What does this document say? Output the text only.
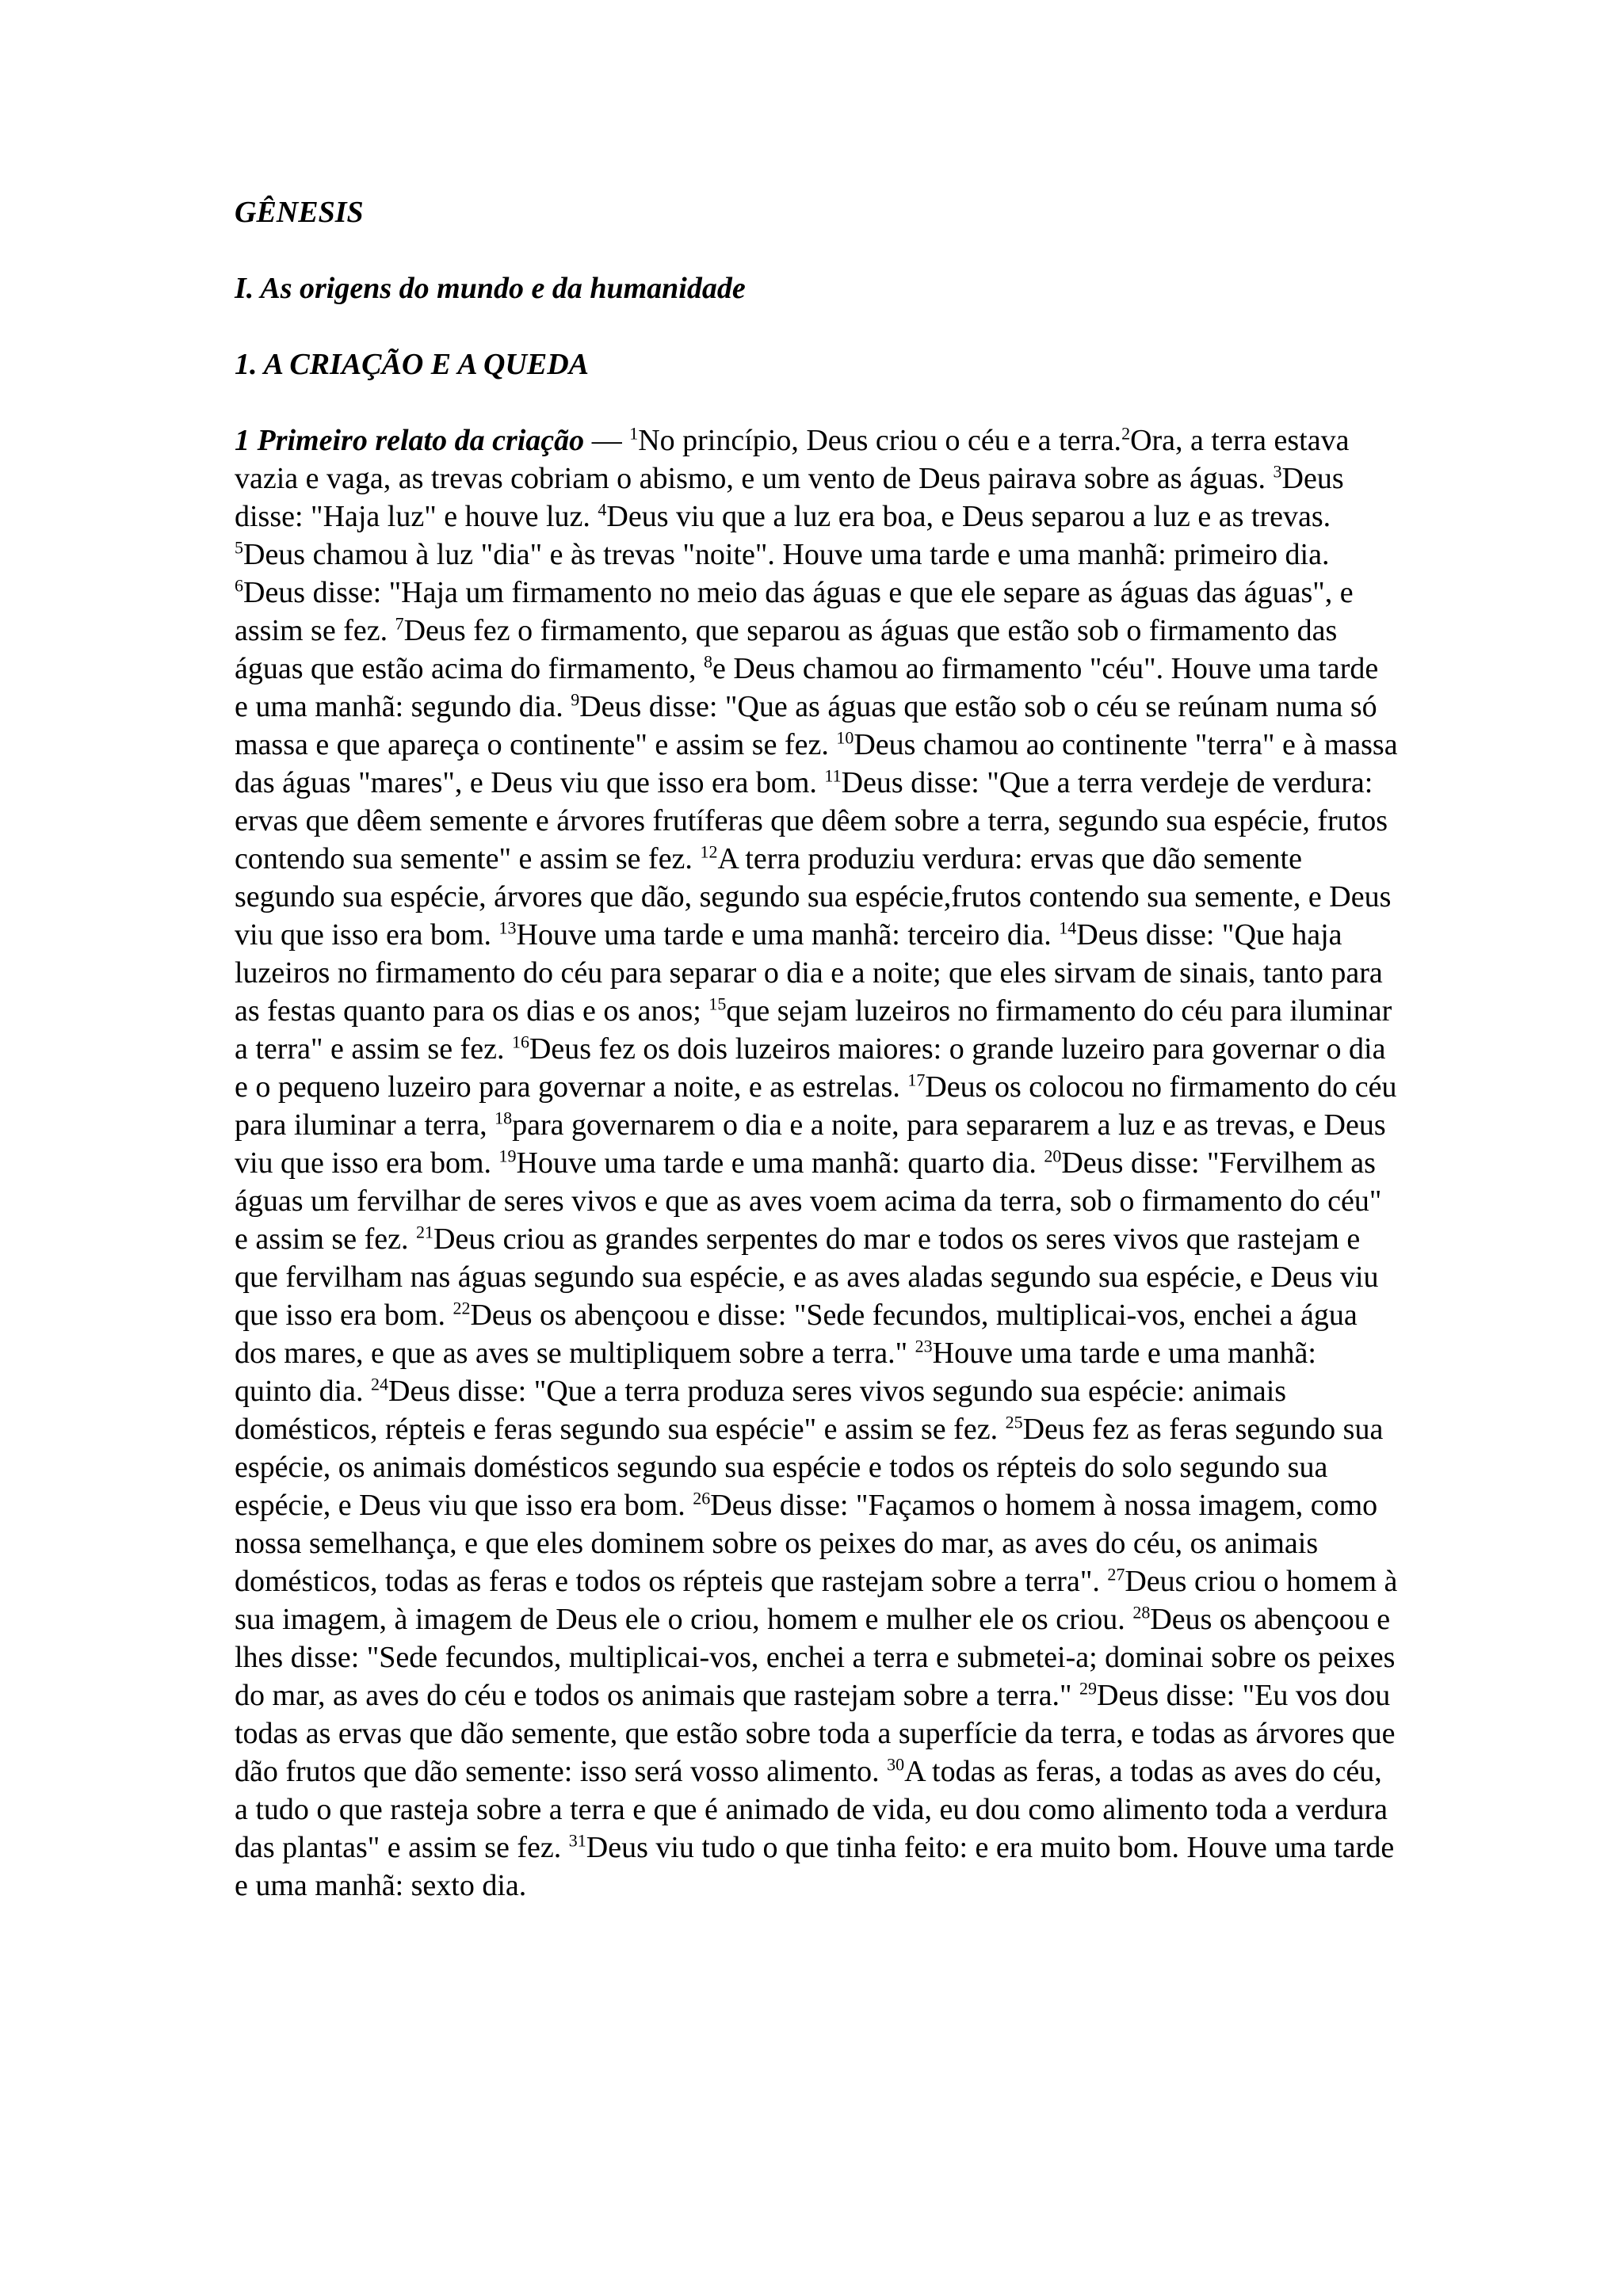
GÊNESIS
I. As origens do mundo e da humanidade
1. A CRIAÇÃO E A QUEDA

1 Primeiro relato da criação — $^1$No princípio, Deus criou o céu e a terra.$^2$Ora, a terra estava vazia e vaga, as trevas cobriam o abismo, e um vento de Deus pairava sobre as águas. $^3$Deus disse: "Haja luz" e houve luz. $^4$Deus viu que a luz era boa, e Deus separou a luz e as trevas. $^5$Deus chamou à luz "dia" e às trevas "noite". Houve uma tarde e uma manhã: primeiro dia. $^6$Deus disse: "Haja um firmamento no meio das águas e que ele separe as águas das águas", e assim se fez. $^7$Deus fez o firmamento, que separou as águas que estão sob o firmamento das águas que estão acima do firmamento, $^8$e Deus chamou ao firmamento "céu". Houve uma tarde e uma manhã: segundo dia. $^9$Deus disse: "Que as águas que estão sob o céu se reúnam numa só massa e que apareça o continente" e assim se fez. $^{10}$Deus chamou ao continente "terra" e à massa das águas "mares", e Deus viu que isso era bom. $^{11}$Deus disse: "Que a terra verdeje de verdura: ervas que dêem semente e árvores frutíferas que dêem sobre a terra, segundo sua espécie, frutos contendo sua semente" e assim se fez. $^{12}$A terra produziu verdura: ervas que dão semente segundo sua espécie, árvores que dão, segundo sua espécie,frutos contendo sua semente, e Deus viu que isso era bom. $^{13}$Houve uma tarde e uma manhã: terceiro dia. $^{14}$Deus disse: "Que haja luzeiros no firmamento do céu para separar o dia e a noite; que eles sirvam de sinais, tanto para as festas quanto para os dias e os anos; $^{15}$que sejam luzeiros no firmamento do céu para iluminar a terra" e assim se fez. $^{16}$Deus fez os dois luzeiros maiores: o grande luzeiro para governar o dia e o pequeno luzeiro para governar a noite, e as estrelas. $^{17}$Deus os colocou no firmamento do céu para iluminar a terra, $^{18}$para governarem o dia e a noite, para separarem a luz e as trevas, e Deus viu que isso era bom. $^{19}$Houve uma tarde e uma manhã: quarto dia. $^{20}$Deus disse: "Fervilhem as águas um fervilhar de seres vivos e que as aves voem acima da terra, sob o firmamento do céu" e assim se fez. $^{21}$Deus criou as grandes serpentes do mar e todos os seres vivos que rastejam e que fervilham nas águas segundo sua espécie, e as aves aladas segundo sua espécie, e Deus viu que isso era bom. $^{22}$Deus os abençoou e disse: "Sede fecundos, multiplicai-vos, enchei a água dos mares, e que as aves se multipliquem sobre a terra." $^{23}$Houve uma tarde e uma manhã: quinto dia. $^{24}$Deus disse: "Que a terra produza seres vivos segundo sua espécie: animais domésticos, répteis e feras segundo sua espécie" e assim se fez. $^{25}$Deus fez as feras segundo sua espécie, os animais domésticos segundo sua espécie e todos os répteis do solo segundo sua espécie, e Deus viu que isso era bom. $^{26}$Deus disse: "Façamos o homem à nossa imagem, como nossa semelhança, e que eles dominem sobre os peixes do mar, as aves do céu, os animais domésticos, todas as feras e todos os répteis que rastejam sobre a terra". $^{27}$Deus criou o homem à sua imagem, à imagem de Deus ele o criou, homem e mulher ele os criou. $^{28}$Deus os abençoou e lhes disse: "Sede fecundos, multiplicai-vos, enchei a terra e submetei-a; dominai sobre os peixes do mar, as aves do céu e todos os animais que rastejam sobre a terra." $^{29}$Deus disse: "Eu vos dou todas as ervas que dão semente, que estão sobre toda a superfície da terra, e todas as árvores que dão frutos que dão semente: isso será vosso alimento. $^{30}$A todas as feras, a todas as aves do céu, a tudo o que rasteja sobre a terra e que é animado de vida, eu dou como alimento toda a verdura das plantas" e assim se fez. $^{31}$Deus viu tudo o que tinha feito: e era muito bom. Houve uma tarde e uma manhã: sexto dia.
